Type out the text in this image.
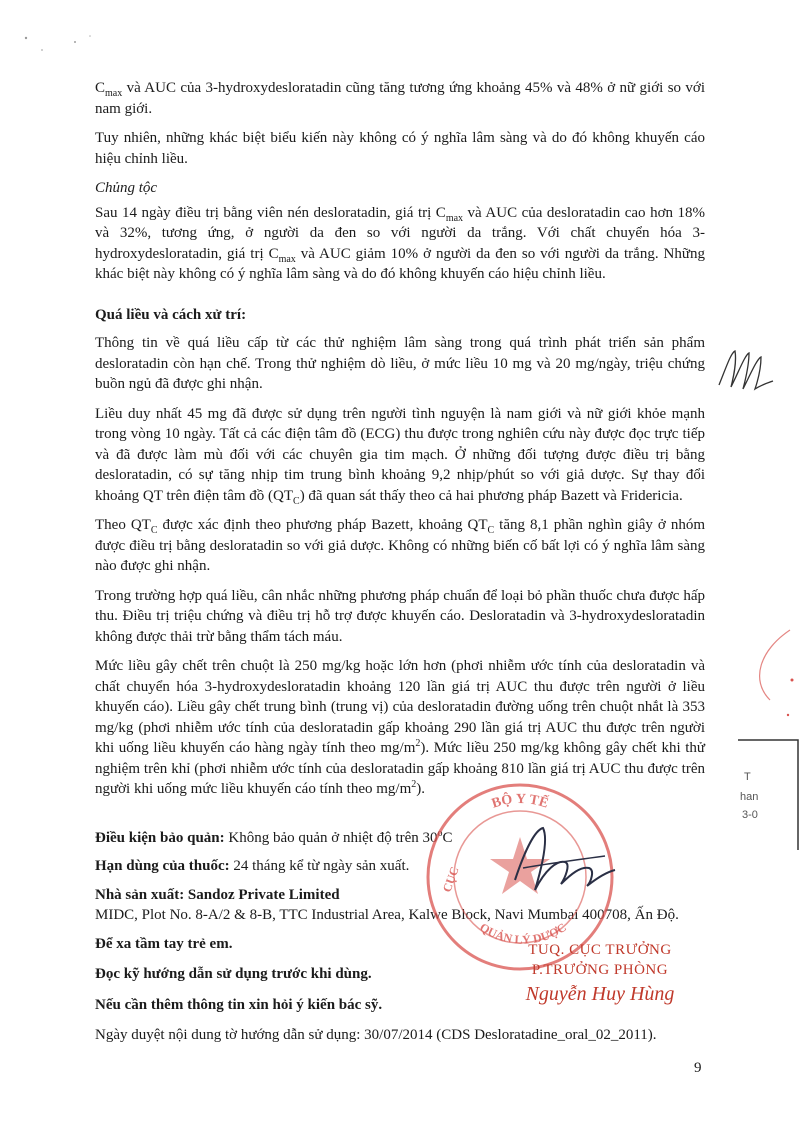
$C_{max}$ và AUC của 3-hydroxydesloratadin cũng tăng tương ứng khoảng 45% và 48% ở nữ giới so với nam giới.

Tuy nhiên, những khác biệt biểu kiến này không có ý nghĩa lâm sàng và do đó không khuyến cáo hiệu chỉnh liều.

Chủng tộc

Sau 14 ngày điều trị bằng viên nén desloratadin, giá trị $C_{max}$ và AUC của desloratadin cao hơn 18% và 32%, tương ứng, ở người da đen so với người da trắng. Với chất chuyển hóa 3-hydroxydesloratadin, giá trị $C_{max}$ và AUC giảm 10% ở người da đen so với người da trắng. Những khác biệt này không có ý nghĩa lâm sàng và do đó không khuyến cáo hiệu chỉnh liều.

Quá liều và cách xử trí:

Thông tin về quá liều cấp từ các thử nghiệm lâm sàng trong quá trình phát triển sản phẩm desloratadin còn hạn chế. Trong thử nghiệm dò liều, ở mức liều 10 mg và 20 mg/ngày, triệu chứng buồn ngủ đã được ghi nhận.

Liều duy nhất 45 mg đã được sử dụng trên người tình nguyện là nam giới và nữ giới khỏe mạnh trong vòng 10 ngày. Tất cả các điện tâm đồ (ECG) thu được trong nghiên cứu này được đọc trực tiếp và đã được làm mù đối với các chuyên gia tim mạch. Ở những đối tượng được điều trị bằng desloratadin, có sự tăng nhịp tim trung bình khoảng 9,2 nhịp/phút so với giả dược. Sự thay đổi khoảng QT trên điện tâm đồ $(QT_C)$ đã quan sát thấy theo cả hai phương pháp Bazett và Fridericia.

Theo $QT_C$ được xác định theo phương pháp Bazett, khoảng $QT_C$ tăng 8,1 phần nghìn giây ở nhóm được điều trị bằng desloratadin so với giả dược. Không có những biến cố bất lợi có ý nghĩa lâm sàng nào được ghi nhận.

Trong trường hợp quá liều, cân nhắc những phương pháp chuẩn để loại bỏ phần thuốc chưa được hấp thu. Điều trị triệu chứng và điều trị hỗ trợ được khuyến cáo. Desloratadin và 3-hydroxydesloratadin không được thải trừ bằng thẩm tách máu.

Mức liều gây chết trên chuột là 250 mg/kg hoặc lớn hơn (phơi nhiễm ước tính của desloratadin và chất chuyển hóa 3-hydroxydesloratadin khoảng 120 lần giá trị AUC thu được trên người ở liều khuyến cáo). Liều gây chết trung bình (trung vị) của desloratadin đường uống trên chuột nhắt là 353 mg/kg (phơi nhiễm ước tính của desloratadin gấp khoảng 290 lần giá trị AUC thu được trên người khi uống liều khuyến cáo hàng ngày tính theo $mg/m^2$). Mức liều 250 mg/kg không gây chết khi thử nghiệm trên khỉ (phơi nhiễm ước tính của desloratadin gấp khoảng 810 lần giá trị AUC thu được trên người khi uống mức liều khuyến cáo tính theo $mg/m^2$).

Điều kiện bảo quản: Không bảo quản ở nhiệt độ trên 30$^o$C

Hạn dùng của thuốc: 24 tháng kể từ ngày sản xuất.

Nhà sản xuất: Sandoz Private Limited

MIDC, Plot No. 8-A/2 & 8-B, TTC Industrial Area, Kalwe Block, Navi Mumbai 400708, Ấn Độ.

Để xa tầm tay trẻ em.

Đọc kỹ hướng dẫn sử dụng trước khi dùng.

Nếu cần thêm thông tin xin hỏi ý kiến bác sỹ.

Ngày duyệt nội dung tờ hướng dẫn sử dụng: 30/07/2014 (CDS Desloratadine_oral_02_2011).

T
han
3-0
BỘ Y TẾ
QUẢN LÝ DƯỢC
CỤC
TUQ. CỤC TRƯỞNG
P.TRƯỞNG PHÒNG
Nguyễn Huy Hùng
9
